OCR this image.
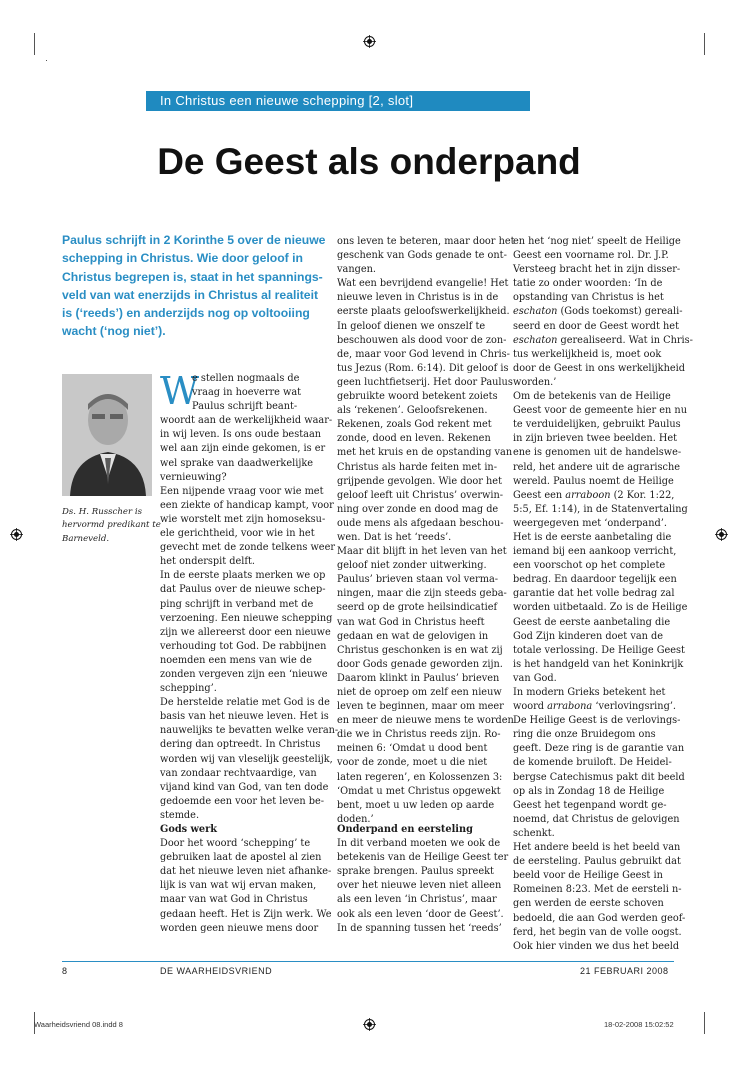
In Christus een nieuwe schepping [2, slot]
De Geest als onderpand
Paulus schrijft in 2 Korinthe 5 over de nieuwe
schepping in Christus. Wie door geloof in
Christus begrepen is, staat in het spannings-
veld van wat enerzijds in Christus al realiteit
is (‘reeds’) en anderzijds nog op voltooiing
wacht (‘nog niet’).
Ds. H. Russcher is
hervormd predikant te
Barneveld.
W
e stellen nogmaals de
vraag in hoeverre wat
Paulus schrijft beant-
woordt aan de werkelijkheid waar-
in wij leven. Is ons oude bestaan
wel aan zijn einde gekomen, is er
wel sprake van daadwerkelijke
vernieuwing?
Een nijpende vraag voor wie met
een ziekte of handicap kampt, voor
wie worstelt met zijn homoseksu-
ele gerichtheid, voor wie in het
gevecht met de zonde telkens weer
het onderspit delft.
In de eerste plaats merken we op
dat Paulus over de nieuwe schep-
ping schrijft in verband met de
verzoening. Een nieuwe schepping
zijn we allereerst door een nieuwe
verhouding tot God. De rabbijnen
noemden een mens van wie de
zonden vergeven zijn een ‘nieuwe
schepping’.
De herstelde relatie met God is de
basis van het nieuwe leven. Het is
nauwelijks te bevatten welke veran-
dering dan optreedt. In Christus
worden wij van vleselijk geestelijk,
van zondaar rechtvaardige, van
vijand kind van God, van ten dode
gedoemde een voor het leven be-
stemde.
Gods werk
Door het woord ‘schepping’ te
gebruiken laat de apostel al zien
dat het nieuwe leven niet afhanke-
lijk is van wat wij ervan maken,
maar van wat God in Christus
gedaan heeft. Het is Zijn werk. We
worden geen nieuwe mens door
ons leven te beteren, maar door het
geschenk van Gods genade te ont-
vangen.
Wat een bevrijdend evangelie! Het
nieuwe leven in Christus is in de
eerste plaats geloofswerkelijkheid.
In geloof dienen we onszelf te
beschouwen als dood voor de zon-
de, maar voor God levend in Chris-
tus Jezus (Rom. 6:14). Dit geloof is
geen luchtfietserij. Het door Paulus
gebruikte woord betekent zoiets
als ‘rekenen’. Geloofsrekenen.
Rekenen, zoals God rekent met
zonde, dood en leven. Rekenen
met het kruis en de opstanding van
Christus als harde feiten met in-
grijpende gevolgen. Wie door het
geloof leeft uit Christus’ overwin-
ning over zonde en dood mag de
oude mens als afgedaan beschou-
wen. Dat is het ‘reeds’.
Maar dit blijft in het leven van het
geloof niet zonder uitwerking.
Paulus’ brieven staan vol verma-
ningen, maar die zijn steeds geba-
seerd op de grote heilsindicatief
van wat God in Christus heeft
gedaan en wat de gelovigen in
Christus geschonken is en wat zij
door Gods genade geworden zijn.
Daarom klinkt in Paulus’ brieven
niet de oproep om zelf een nieuw
leven te beginnen, maar om meer
en meer de nieuwe mens te worden
die we in Christus reeds zijn. Ro-
meinen 6: ‘Omdat u dood bent
voor de zonde, moet u die niet
laten regeren’, en Kolossenzen 3:
‘Omdat u met Christus opgewekt
bent, moet u uw leden op aarde
doden.’
Onderpand en eersteling
In dit verband moeten we ook de
betekenis van de Heilige Geest ter
sprake brengen. Paulus spreekt
over het nieuwe leven niet alleen
als een leven ‘in Christus’, maar
ook als een leven ‘door de Geest’.
In de spanning tussen het ‘reeds’
en het ‘nog niet’ speelt de Heilige
Geest een voorname rol. Dr. J.P.
Versteeg bracht het in zijn disser-
tatie zo onder woorden: ‘In de
opstanding van Christus is het
eschaton (Gods toekomst) gereali-
seerd en door de Geest wordt het
eschaton gerealiseerd. Wat in Chris-
tus werkelijkheid is, moet ook
door de Geest in ons werkelijkheid
worden.’
Om de betekenis van de Heilige
Geest voor de gemeente hier en nu
te verduidelijken, gebruikt Paulus
in zijn brieven twee beelden. Het
ene is genomen uit de handelswe-
reld, het andere uit de agrarische
wereld. Paulus noemt de Heilige
Geest een arraboon (2 Kor. 1:22,
5:5, Ef. 1:14), in de Statenvertaling
weergegeven met ‘onderpand’.
Het is de eerste aanbetaling die
iemand bij een aankoop verricht,
een voorschot op het complete
bedrag. En daardoor tegelijk een
garantie dat het volle bedrag zal
worden uitbetaald. Zo is de Heilige
Geest de eerste aanbetaling die
God Zijn kinderen doet van de
totale verlossing. De Heilige Geest
is het handgeld van het Koninkrijk
van God.
In modern Grieks betekent het
woord arrabona ‘verlovingsring’.
De Heilige Geest is de verlovings-
ring die onze Bruidegom ons
geeft. Deze ring is de garantie van
de komende bruiloft. De Heidel-
bergse Catechismus pakt dit beeld
op als in Zondag 18 de Heilige
Geest het tegenpand wordt ge-
noemd, dat Christus de gelovigen
schenkt.
Het andere beeld is het beeld van
de eersteling. Paulus gebruikt dat
beeld voor de Heilige Geest in
Romeinen 8:23. Met de eersteli n-
gen werden de eerste schoven
bedoeld, die aan God werden geof-
ferd, het begin van de volle oogst.
Ook hier vinden we dus het beeld
8	DE WAARHEIDSVRIEND	21 FEBRUARI 2008
Waarheidsvriend 08.indd 8	18-02-2008 15:02:52
